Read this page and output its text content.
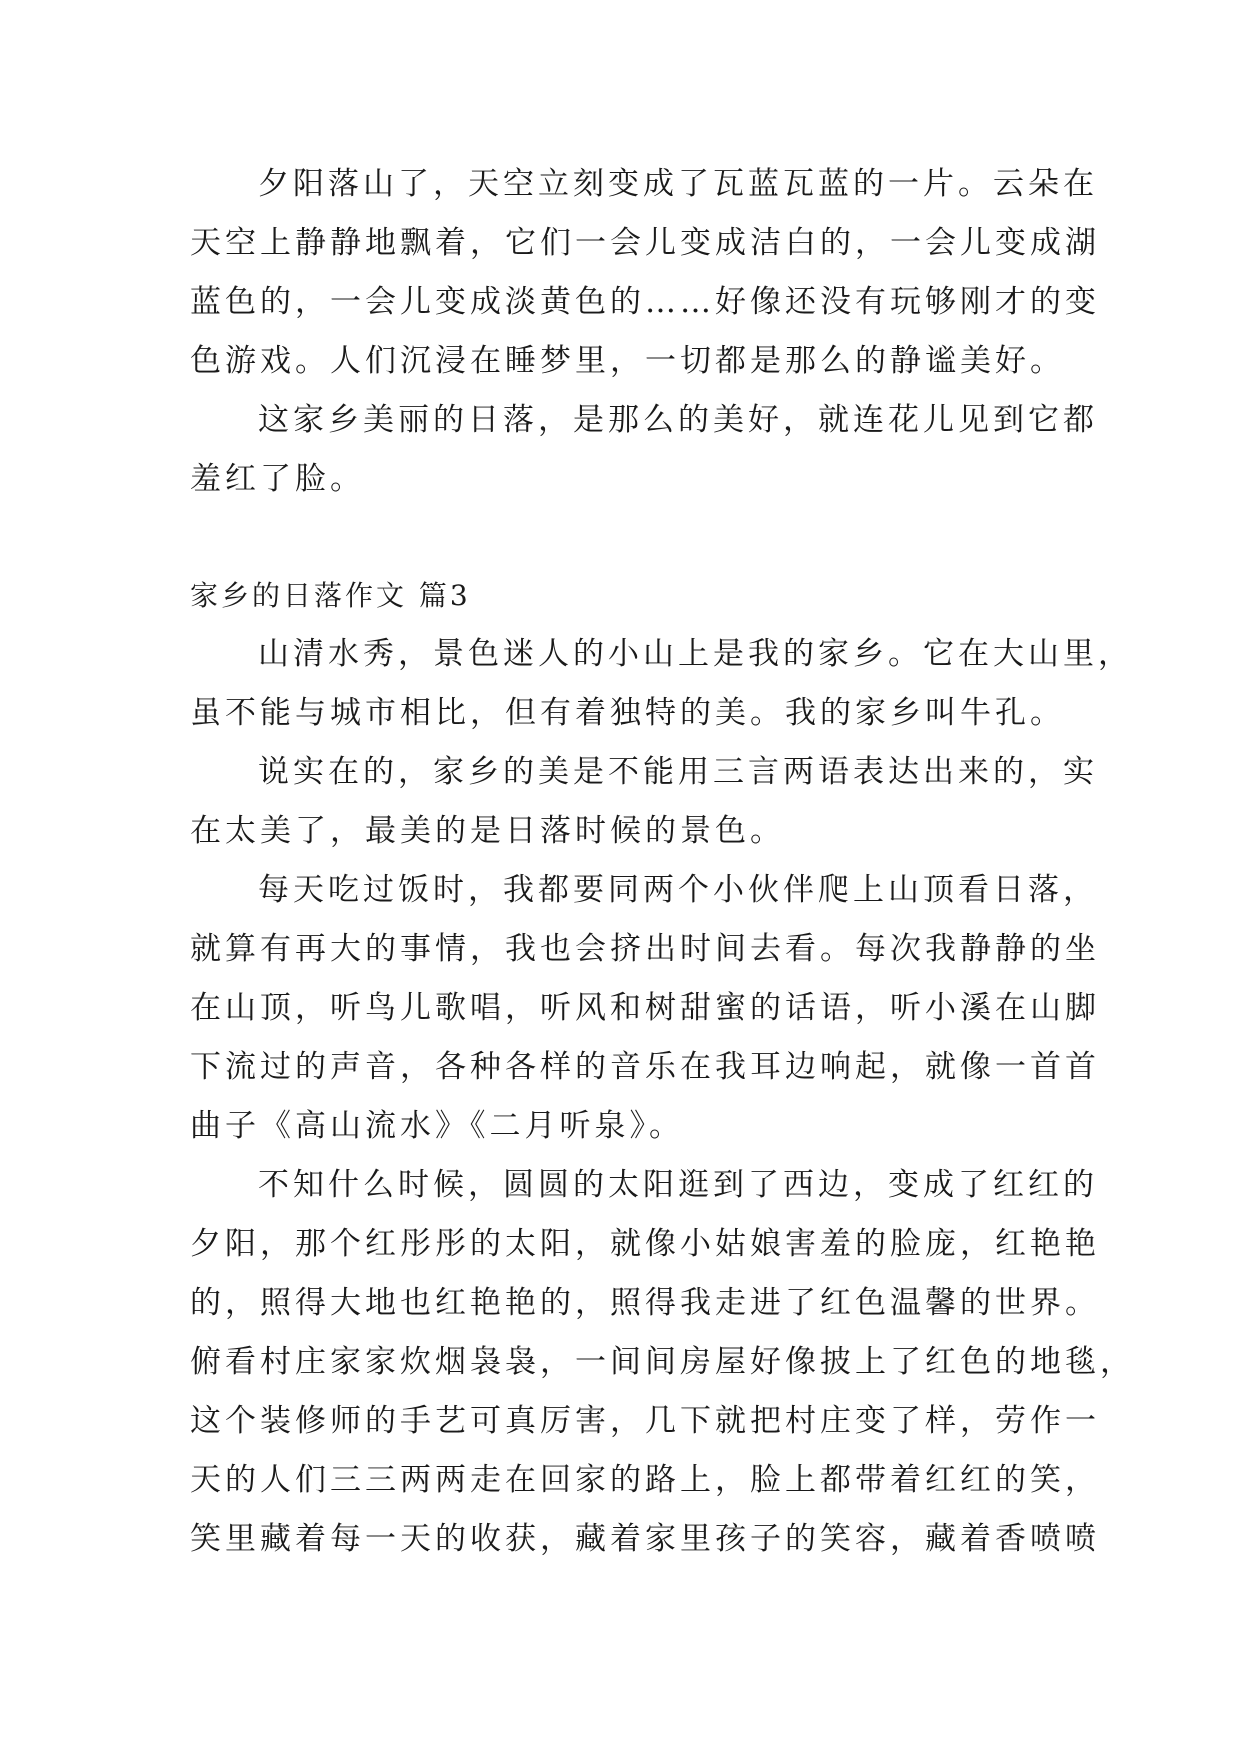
夕阳落山了，天空立刻变成了瓦蓝瓦蓝的一片。云朵在
天空上静静地飘着，它们一会儿变成洁白的，一会儿变成湖
蓝色的，一会儿变成淡黄色的……好像还没有玩够刚才的变
色游戏。人们沉浸在睡梦里，一切都是那么的静谧美好。
这家乡美丽的日落，是那么的美好，就连花儿见到它都
羞红了脸。
家乡的日落作文 篇3
山清水秀，景色迷人的小山上是我的家乡。它在大山里，
虽不能与城市相比，但有着独特的美。我的家乡叫牛孔。
说实在的，家乡的美是不能用三言两语表达出来的，实
在太美了，最美的是日落时候的景色。
每天吃过饭时，我都要同两个小伙伴爬上山顶看日落，
就算有再大的事情，我也会挤出时间去看。每次我静静的坐
在山顶，听鸟儿歌唱，听风和树甜蜜的话语，听小溪在山脚
下流过的声音，各种各样的音乐在我耳边响起，就像一首首
曲子《高山流水》《二月听泉》。
不知什么时候，圆圆的太阳逛到了西边，变成了红红的
夕阳，那个红彤彤的太阳，就像小姑娘害羞的脸庞，红艳艳
的，照得大地也红艳艳的，照得我走进了红色温馨的世界。
俯看村庄家家炊烟袅袅，一间间房屋好像披上了红色的地毯，
这个装修师的手艺可真厉害，几下就把村庄变了样，劳作一
天的人们三三两两走在回家的路上，脸上都带着红红的笑，
笑里藏着每一天的收获，藏着家里孩子的笑容，藏着香喷喷
